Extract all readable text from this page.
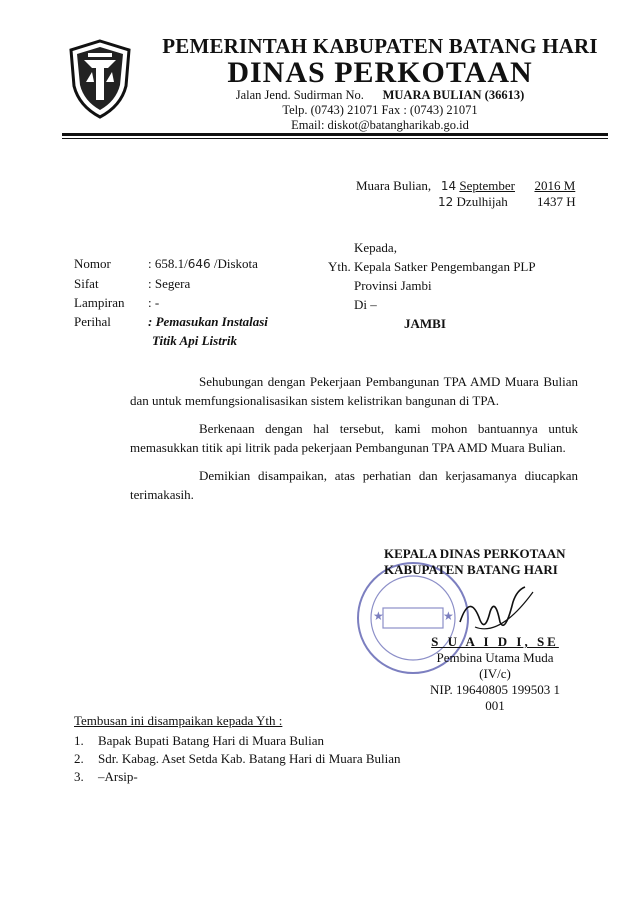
PEMERINTAH KABUPATEN BATANG HARI
DINAS PERKOTAAN
Jalan Jend. Sudirman No. MUARA BULIAN (36613)
Telp. (0743) 21071 Fax : (0743) 21071
Email: diskot@batangharikab.go.id
Muara Bulian, 14 September 2016 M
12 Dzulhijah 1437 H
Nomor	: 658.1/646 /Diskota
Sifat	: Segera
Lampiran	: -
Perihal	: Pemasukan Instalasi
Titik Api Listrik
Kepada,
Yth. Kepala Satker Pengembangan PLP
Provinsi Jambi
Di –
JAMBI

Sehubungan dengan Pekerjaan Pembangunan TPA AMD Muara Bulian dan untuk memfungsionalisasikan sistem kelistrikan bangunan di TPA.

Berkenaan dengan hal tersebut, kami mohon bantuannya untuk memasukkan titik api litrik pada pekerjaan Pembangunan TPA AMD Muara Bulian.

Demikian disampaikan, atas perhatian dan kerjasamanya diucapkan terimakasih.

★	★
KEPALA DINAS PERKOTAAN
KABUPATEN BATANG HARI
S U A I D I, SE
Pembina Utama Muda (IV/c)
NIP. 19640805 199503 1 001
Tembusan ini disampaikan kepada Yth :
1.	Bapak Bupati Batang Hari di Muara Bulian
2.	Sdr. Kabag. Aset Setda Kab. Batang Hari di Muara Bulian
3.	–Arsip-
